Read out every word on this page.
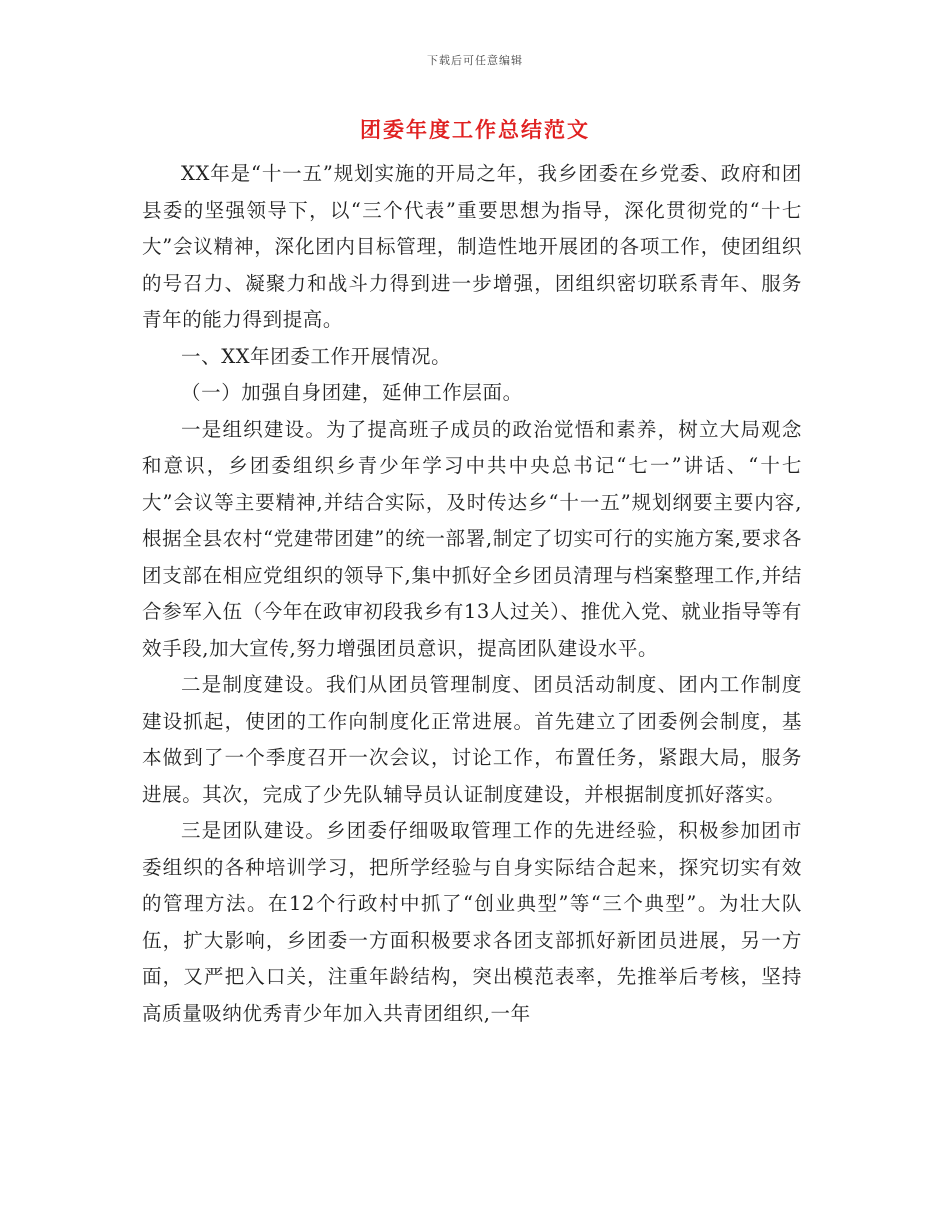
下载后可任意编辑
团委年度工作总结范文

XX年是“十一五”规划实施的开局之年，我乡团委在乡党委、政府和团县委的坚强领导下，以“三个代表”重要思想为指导，深化贯彻党的“十七大”会议精神，深化团内目标管理，制造性地开展团的各项工作，使团组织的号召力、凝聚力和战斗力得到进一步增强，团组织密切联系青年、服务青年的能力得到提高。

一、XX年团委工作开展情况。

（一）加强自身团建，延伸工作层面。

一是组织建设。为了提高班子成员的政治觉悟和素养，树立大局观念和意识，乡团委组织乡青少年学习中共中央总书记“七一”讲话、“十七大”会议等主要精神,并结合实际，及时传达乡“十一五”规划纲要主要内容,根据全县农村“党建带团建”的统一部署,制定了切实可行的实施方案,要求各团支部在相应党组织的领导下,集中抓好全乡团员清理与档案整理工作,并结合参军入伍（今年在政审初段我乡有13人过关）、推优入党、就业指导等有效手段,加大宣传,努力增强团员意识，提高团队建设水平。

二是制度建设。我们从团员管理制度、团员活动制度、团内工作制度建设抓起，使团的工作向制度化正常进展。首先建立了团委例会制度，基本做到了一个季度召开一次会议，讨论工作，布置任务，紧跟大局，服务进展。其次，完成了少先队辅导员认证制度建设，并根据制度抓好落实。

三是团队建设。乡团委仔细吸取管理工作的先进经验，积极参加团市委组织的各种培训学习，把所学经验与自身实际结合起来，探究切实有效的管理方法。在12个行政村中抓了“创业典型”等“三个典型”。为壮大队伍，扩大影响，乡团委一方面积极要求各团支部抓好新团员进展，另一方面，又严把入口关，注重年龄结构，突出模范表率，先推举后考核，坚持高质量吸纳优秀青少年加入共青团组织,一年
